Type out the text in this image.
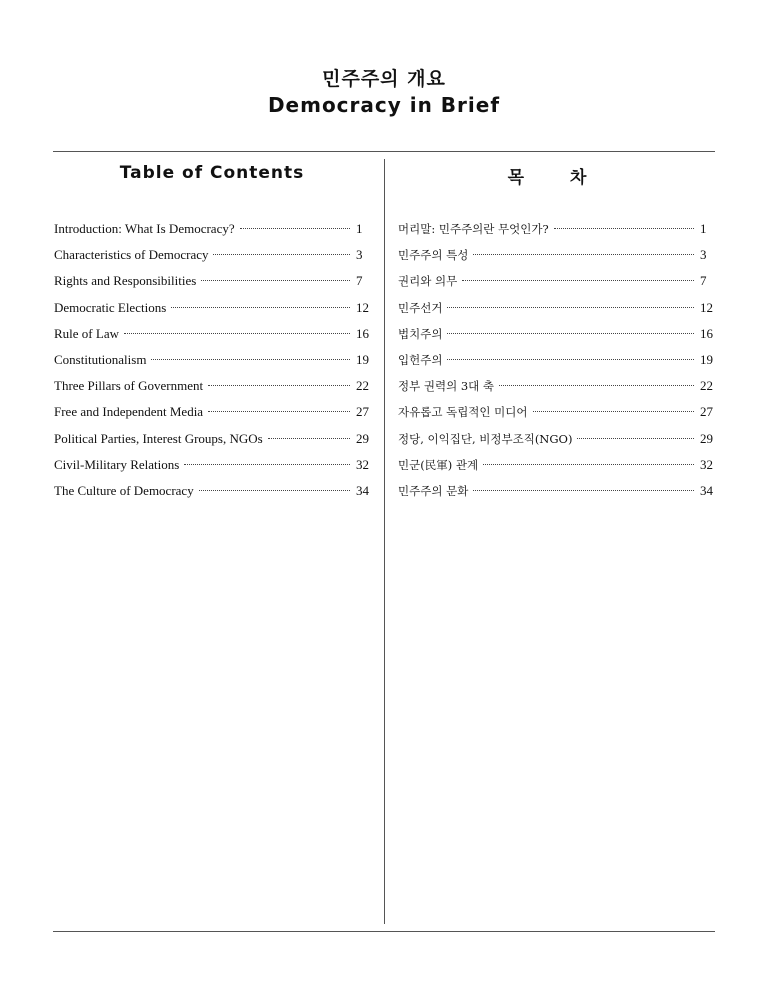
민주주의 개요
Democracy in Brief
Table of Contents	목 차
Introduction: What Is Democracy?	1
Characteristics of Democracy	3
Rights and Responsibilities	7
Democratic Elections	12
Rule of Law	16
Constitutionalism	19
Three Pillars of Government	22
Free and Independent Media	27
Political Parties, Interest Groups, NGOs	29
Civil-Military Relations	32
The Culture of Democracy	34
머리말: 민주주의란 무엇인가?	1
민주주의 특성	3
권리와 의무	7
민주선거	12
법치주의	16
입헌주의	19
정부 권력의 3대 축	22
자유롭고 독립적인 미디어	27
정당, 이익집단, 비정부조직(NGO)	29
민군(民軍) 관계	32
민주주의 문화	34
